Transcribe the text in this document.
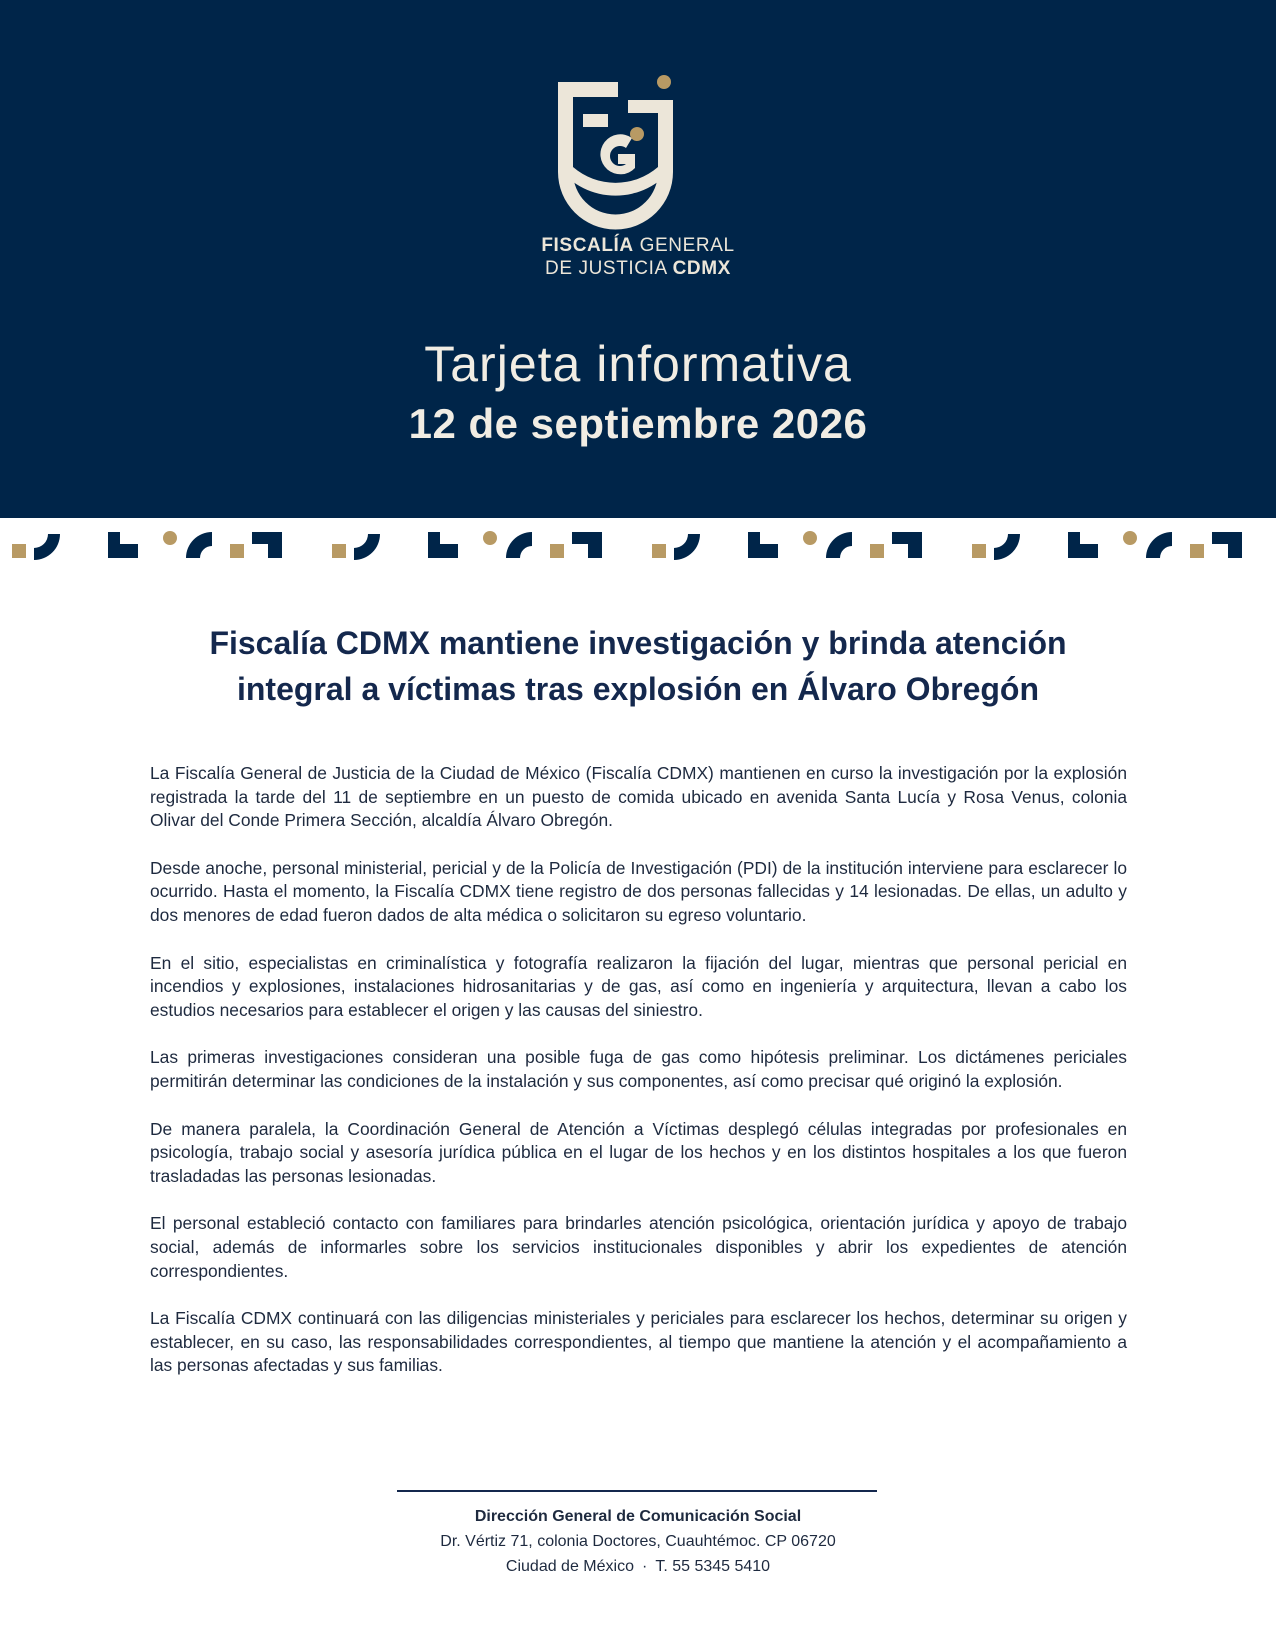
FISCALÍA GENERAL
DE JUSTICIA CDMX
Tarjeta informativa
12 de septiembre 2026
Fiscalía CDMX mantiene investigación y brinda atención
integral a víctimas tras explosión en Álvaro Obregón

La Fiscalía General de Justicia de la Ciudad de México (Fiscalía CDMX) mantienen en curso la investigación por la explosión registrada la tarde del 11 de septiembre en un puesto de comida ubicado en avenida Santa Lucía y Rosa Venus, colonia Olivar del Conde Primera Sección, alcaldía Álvaro Obregón.

Desde anoche, personal ministerial, pericial y de la Policía de Investigación (PDI) de la institución interviene para esclarecer lo ocurrido. Hasta el momento, la Fiscalía CDMX tiene registro de dos personas fallecidas y 14 lesionadas. De ellas, un adulto y dos menores de edad fueron dados de alta médica o solicitaron su egreso voluntario.

En el sitio, especialistas en criminalística y fotografía realizaron la fijación del lugar, mientras que personal pericial en incendios y explosiones, instalaciones hidrosanitarias y de gas, así como en ingeniería y arquitectura, llevan a cabo los estudios necesarios para establecer el origen y las causas del siniestro.

Las primeras investigaciones consideran una posible fuga de gas como hipótesis preliminar. Los dictámenes periciales permitirán determinar las condiciones de la instalación y sus componentes, así como precisar qué originó la explosión.

De manera paralela, la Coordinación General de Atención a Víctimas desplegó células integradas por profesionales en psicología, trabajo social y asesoría jurídica pública en el lugar de los hechos y en los distintos hospitales a los que fueron trasladadas las personas lesionadas.

El personal estableció contacto con familiares para brindarles atención psicológica, orientación jurídica y apoyo de trabajo social, además de informarles sobre los servicios institucionales disponibles y abrir los expedientes de atención correspondientes.

La Fiscalía CDMX continuará con las diligencias ministeriales y periciales para esclarecer los hechos, determinar su origen y establecer, en su caso, las responsabilidades correspondientes, al tiempo que mantiene la atención y el acompañamiento a las personas afectadas y sus familias.

Dirección General de Comunicación Social
Dr. Vértiz 71, colonia Doctores, Cuauhtémoc. CP 06720
Ciudad de México · T. 55 5345 5410
